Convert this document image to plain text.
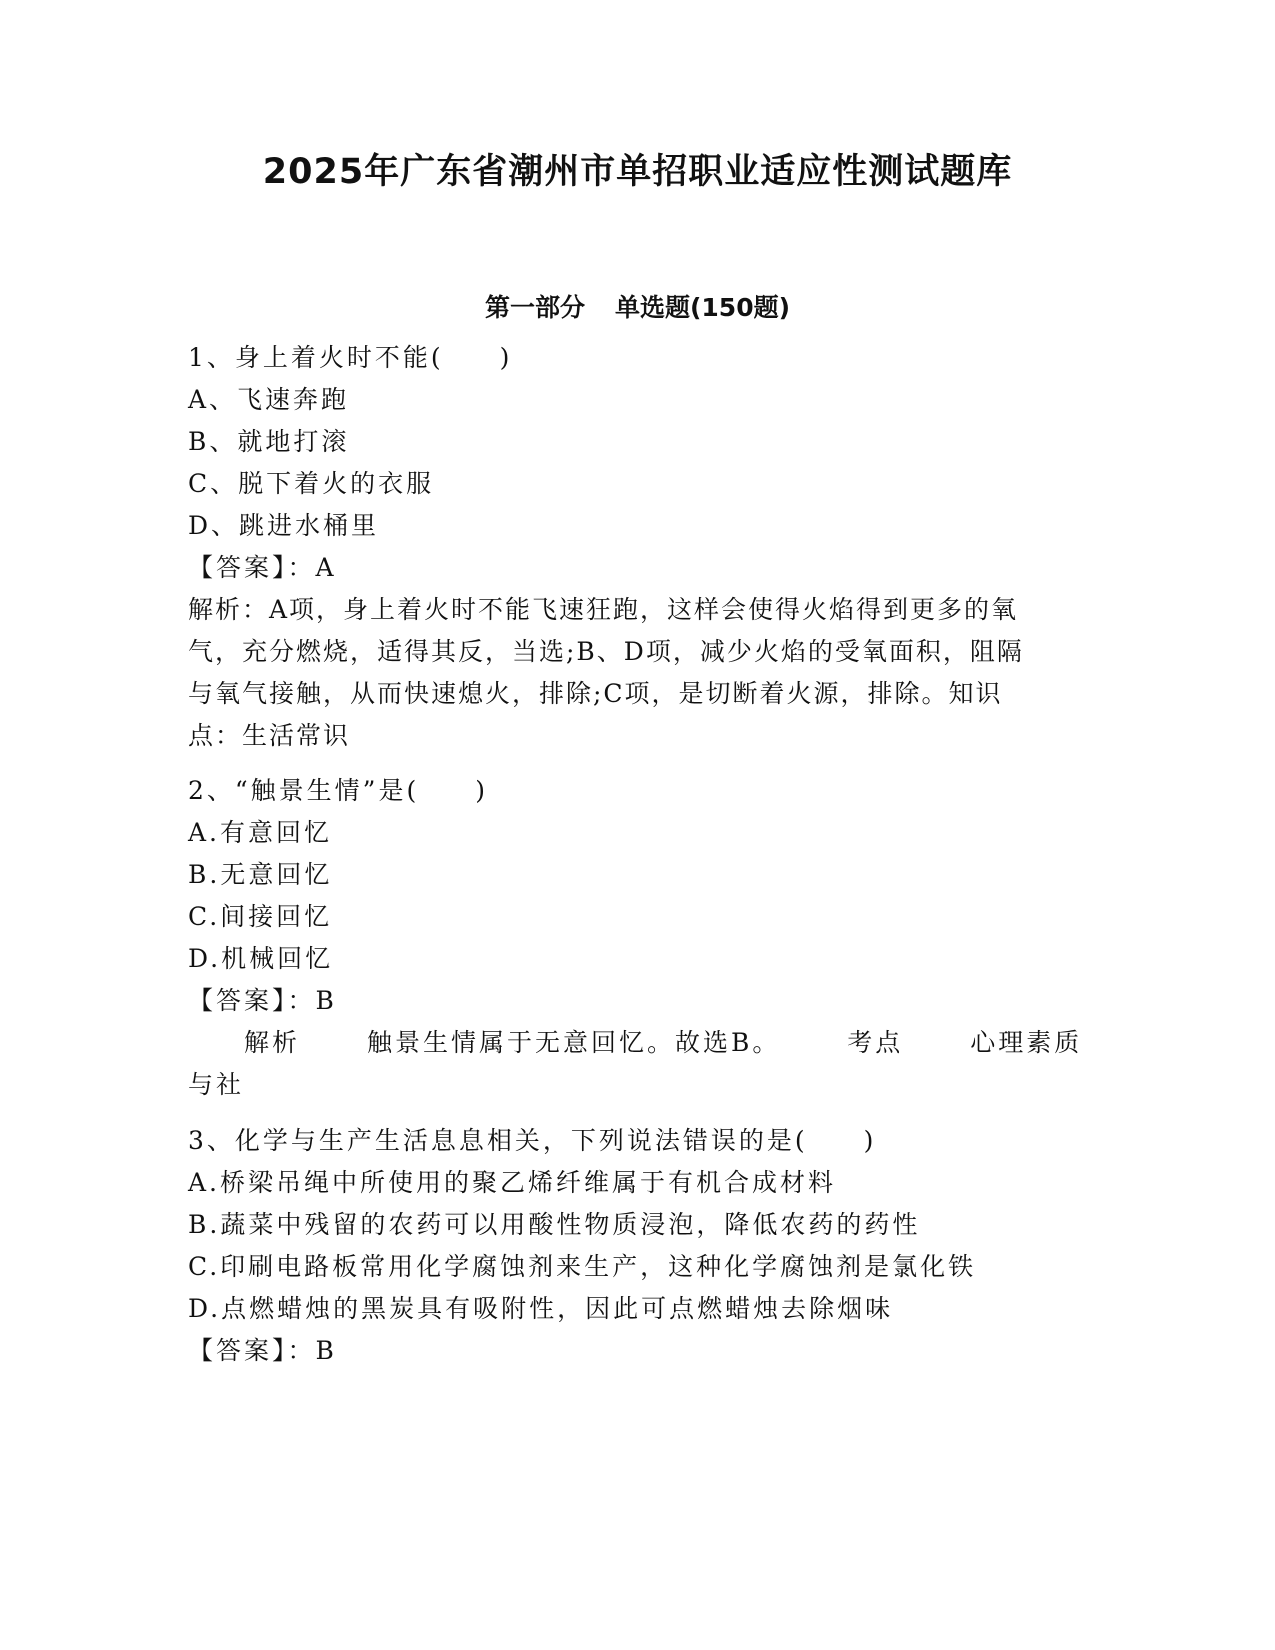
2025年广东省潮州市单招职业适应性测试题库
第一部分 单选题(150题)
1、身上着火时不能(　　)
A、飞速奔跑
B、就地打滚
C、脱下着火的衣服
D、跳进水桶里
【答案】：A
解析：A项，身上着火时不能飞速狂跑，这样会使得火焰得到更多的氧
气，充分燃烧，适得其反，当选;B、D项，减少火焰的受氧面积，阻隔
与氧气接触，从而快速熄火，排除;C项，是切断着火源，排除。知识
点：生活常识
2、“触景生情”是(　　)
A.有意回忆
B.无意回忆
C.间接回忆
D.机械回忆
【答案】：B
解析	触景生情属于无意回忆。故选B。	考点	心理素质
与社
3、化学与生产生活息息相关，下列说法错误的是(　　)
A.桥梁吊绳中所使用的聚乙烯纤维属于有机合成材料
B.蔬菜中残留的农药可以用酸性物质浸泡，降低农药的药性
C.印刷电路板常用化学腐蚀剂来生产，这种化学腐蚀剂是氯化铁
D.点燃蜡烛的黑炭具有吸附性，因此可点燃蜡烛去除烟味
【答案】：B
